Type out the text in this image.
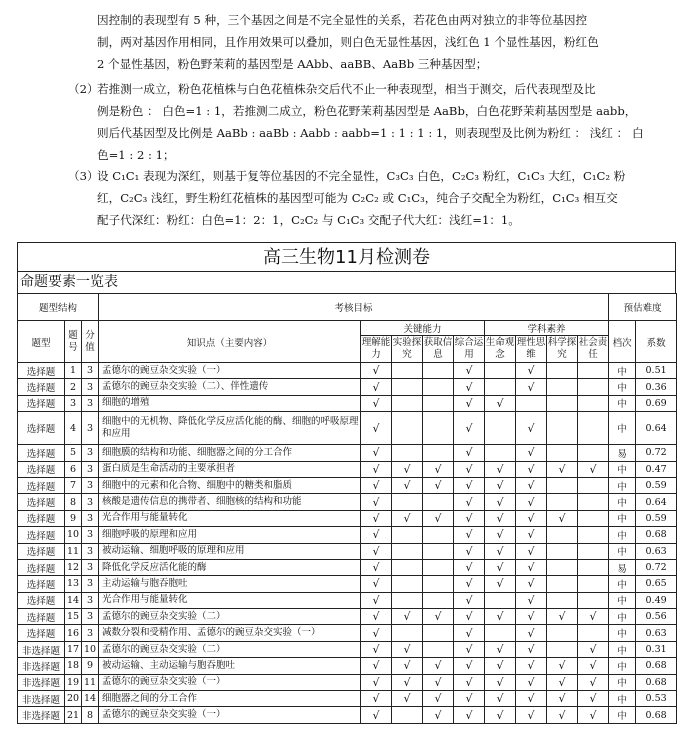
因控制的表现型有 5 种，三个基因之间是不完全显性的关系，若花色由两对独立的非等位基因控
制，两对基因作用相同，且作用效果可以叠加，则白色无显性基因，浅红色 1 个显性基因，粉红色
2 个显性基因，粉色野茉莉的基因型是 AAbb、aaBB、AaBb 三种基因型；
（2）
若推测一成立，粉色花植株与白色花植株杂交后代不止一种表现型，相当于测交，后代表现型及比
例是粉色 ： 白色=1 : 1，若推测二成立，粉色花野茉莉基因型是 AaBb，白色花野茉莉基因型是 aabb，
则后代基因型及比例是 AaBb : aaBb : Aabb : aabb=1 : 1 : 1 : 1，则表现型及比例为粉红 ： 浅红 ： 白
色=1 : 2 : 1；
（3）
设 C₁C₁ 表现为深红，则基于复等位基因的不完全显性，C₃C₃ 白色，C₂C₃ 粉红，C₁C₃ 大红，C₁C₂ 粉
红，C₂C₃ 浅红，野生粉红花植株的基因型可能为 C₂C₂ 或 C₁C₃，纯合子交配全为粉红，C₁C₃ 相互交
配子代深红：粉红：白色=1：2：1，C₂C₂ 与 C₁C₃ 交配子代大红：浅红=1：1。
高三生物11月检测卷
命题要素一览表
题型结构			考核目标									预估难度	
题型	题号	分值	知识点（主要内容）	关键能力				学科素养				档次	系数
				理解能力	实验探究	获取信息	综合运用	生命观念	理性思维	科学探究	社会责任		
选择题	1	3	孟德尔的豌豆杂交实验（一）	√			√		√			中	0.51
选择题	2	3	孟德尔的豌豆杂交实验（二）、伴性遗传	√			√		√			中	0.36
选择题	3	3	细胞的增殖	√			√	√				中	0.69
选择题	4	3	细胞中的无机物、降低化学反应活化能的酶、细胞的呼吸原理和应用	√			√		√			中	0.64
选择题	5	3	细胞膜的结构和功能、细胞器之间的分工合作	√			√		√			易	0.72
选择题	6	3	蛋白质是生命活动的主要承担者	√	√	√	√	√	√	√	√	中	0.47
选择题	7	3	细胞中的元素和化合物、细胞中的糖类和脂质	√	√	√	√	√	√			中	0.59
选择题	8	3	核酸是遗传信息的携带者、细胞核的结构和功能	√			√	√	√			中	0.64
选择题	9	3	光合作用与能量转化	√	√	√	√	√	√	√		中	0.59
选择题	10	3	细胞呼吸的原理和应用	√			√	√	√			中	0.68
选择题	11	3	被动运输、细胞呼吸的原理和应用	√			√	√	√			中	0.63
选择题	12	3	降低化学反应活化能的酶	√			√	√	√			易	0.72
选择题	13	3	主动运输与胞吞胞吐	√			√	√	√			中	0.65
选择题	14	3	光合作用与能量转化	√			√		√			中	0.49
选择题	15	3	孟德尔的豌豆杂交实验（二）	√	√	√	√	√	√	√	√	中	0.56
选择题	16	3	减数分裂和受精作用、孟德尔的豌豆杂交实验（一）	√			√		√			中	0.63
非选择题	17	10	孟德尔的豌豆杂交实验（二）	√	√		√	√	√		√	中	0.31
非选择题	18	9	被动运输、主动运输与胞吞胞吐	√	√	√	√	√	√	√	√	中	0.68
非选择题	19	11	孟德尔的豌豆杂交实验（一）	√	√	√	√	√	√	√	√	中	0.68
非选择题	20	14	细胞器之间的分工合作	√	√	√	√	√	√	√	√	中	0.53
非选择题	21	8	孟德尔的豌豆杂交实验（一）	√		√	√	√	√	√	√	中	0.68
